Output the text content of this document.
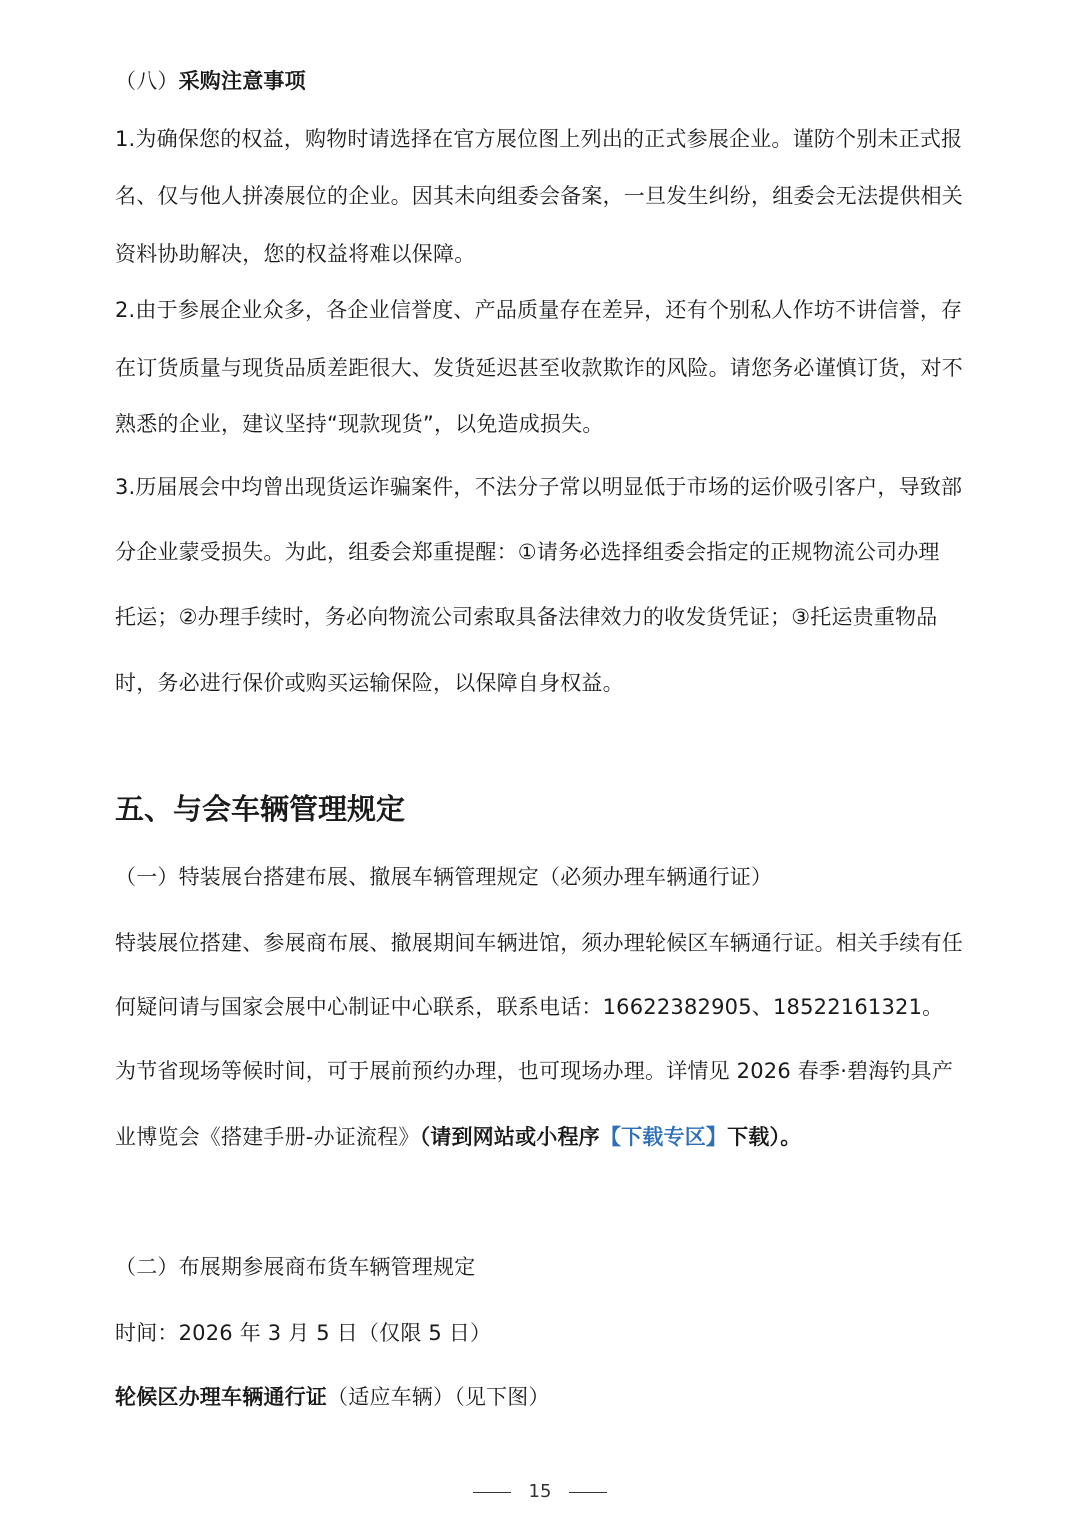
（八）采购注意事项
1.为确保您的权益，购物时请选择在官方展位图上列出的正式参展企业。谨防个别未正式报
名、仅与他人拼凑展位的企业。因其未向组委会备案，一旦发生纠纷，组委会无法提供相关
资料协助解决，您的权益将难以保障。
2.由于参展企业众多，各企业信誉度、产品质量存在差异，还有个别私人作坊不讲信誉，存
在订货质量与现货品质差距很大、发货延迟甚至收款欺诈的风险。请您务必谨慎订货，对不
熟悉的企业，建议坚持“现款现货”，以免造成损失。
3.历届展会中均曾出现货运诈骗案件，不法分子常以明显低于市场的运价吸引客户，导致部
分企业蒙受损失。为此，组委会郑重提醒：①请务必选择组委会指定的正规物流公司办理
托运；②办理手续时，务必向物流公司索取具备法律效力的收发货凭证；③托运贵重物品
时，务必进行保价或购买运输保险，以保障自身权益。
五、与会车辆管理规定
（一）特装展台搭建布展、撤展车辆管理规定（必须办理车辆通行证）
特装展位搭建、参展商布展、撤展期间车辆进馆，须办理轮候区车辆通行证。相关手续有任
何疑问请与国家会展中心制证中心联系，联系电话：16622382905、18522161321。
为节省现场等候时间，可于展前预约办理，也可现场办理。详情见 2026 春季·碧海钓具产
业博览会《搭建手册-办证流程》（请到网站或小程序【下载专区】下载）。
（二）布展期参展商布货车辆管理规定
时间：2026 年 3 月 5 日（仅限 5 日）
轮候区办理车辆通行证（适应车辆）（见下图）
15
